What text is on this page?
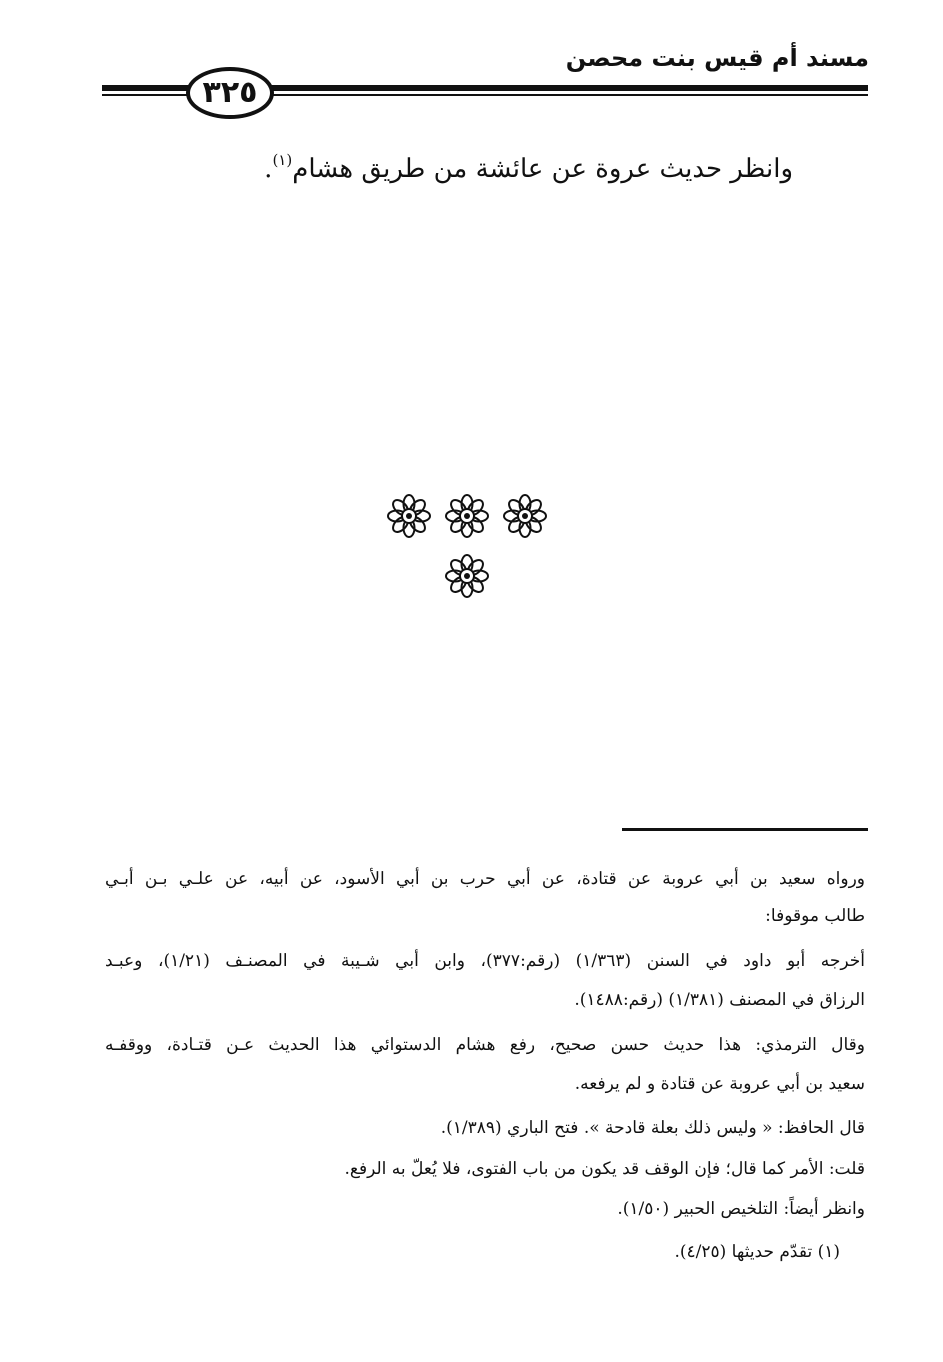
مسند أم قيس بنت محصن
٣٢٥
وانظر حديث عروة عن عائشة من طريق هشام$^{(١)}$.
ورواه سعيد بن أبي عروبة عن قتادة، عن أبي حرب بن أبي الأسود، عن أبيه، عن علـي بـن أبـي
طالب موقوفا:
أخرجه أبو داود في السنن (١/٣٦٣) (رقم:٣٧٧)، وابن أبي شـيبة في المصنـف (١/٢١)، وعبـد
الرزاق في المصنف (١/٣٨١) (رقم:١٤٨٨).
وقال الترمذي: هذا حديث حسن صحيح، رفع هشام الدستوائي هذا الحديث عـن قتـادة، ووقفـه
سعيد بن أبي عروبة عن قتادة و لم يرفعه.
قال الحافظ: « وليس ذلك بعلة قادحة ». فتح الباري (١/٣٨٩).
قلت: الأمر كما قال؛ فإن الوقف قد يكون من باب الفتوى، فلا يُعلّ به الرفع.
وانظر أيضاً: التلخيص الحبير (١/٥٠).
(١) تقدّم حديثها (٤/٢٥).
